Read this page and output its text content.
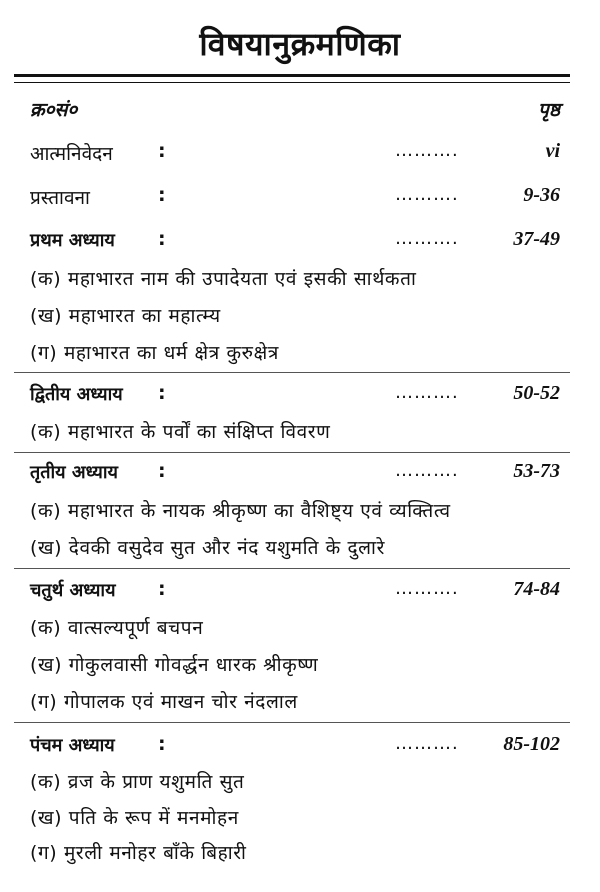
विषयानुक्रमणिका
क्र०सं०	पृष्ठ
आत्मनिवेदन :	……….	vi
प्रस्तावना	:	……….	9-36
प्रथम अध्याय :	……….	37-49
(क) महाभारत नाम की उपादेयता एवं इसकी सार्थकता
(ख) महाभारत का महात्म्य
(ग) महाभारत का धर्म क्षेत्र कुरुक्षेत्र
द्वितीय अध्याय :	……….	50-52
(क) महाभारत के पर्वों का संक्षिप्त विवरण
तृतीय अध्याय :	……….	53-73
(क) महाभारत के नायक श्रीकृष्ण का वैशिष्ट्य एवं व्यक्तित्व
(ख) देवकी वसुदेव सुत और नंद यशुमति के दुलारे
चतुर्थ अध्याय :	……….	74-84
(क) वात्सल्यपूर्ण बचपन
(ख) गोकुलवासी गोवर्द्धन धारक श्रीकृष्ण
(ग) गोपालक एवं माखन चोर नंदलाल
पंचम अध्याय :	………. 85-102
(क) व्रज के प्राण यशुमति सुत
(ख) पति के रूप में मनमोहन
(ग) मुरली मनोहर बाँके बिहारी
